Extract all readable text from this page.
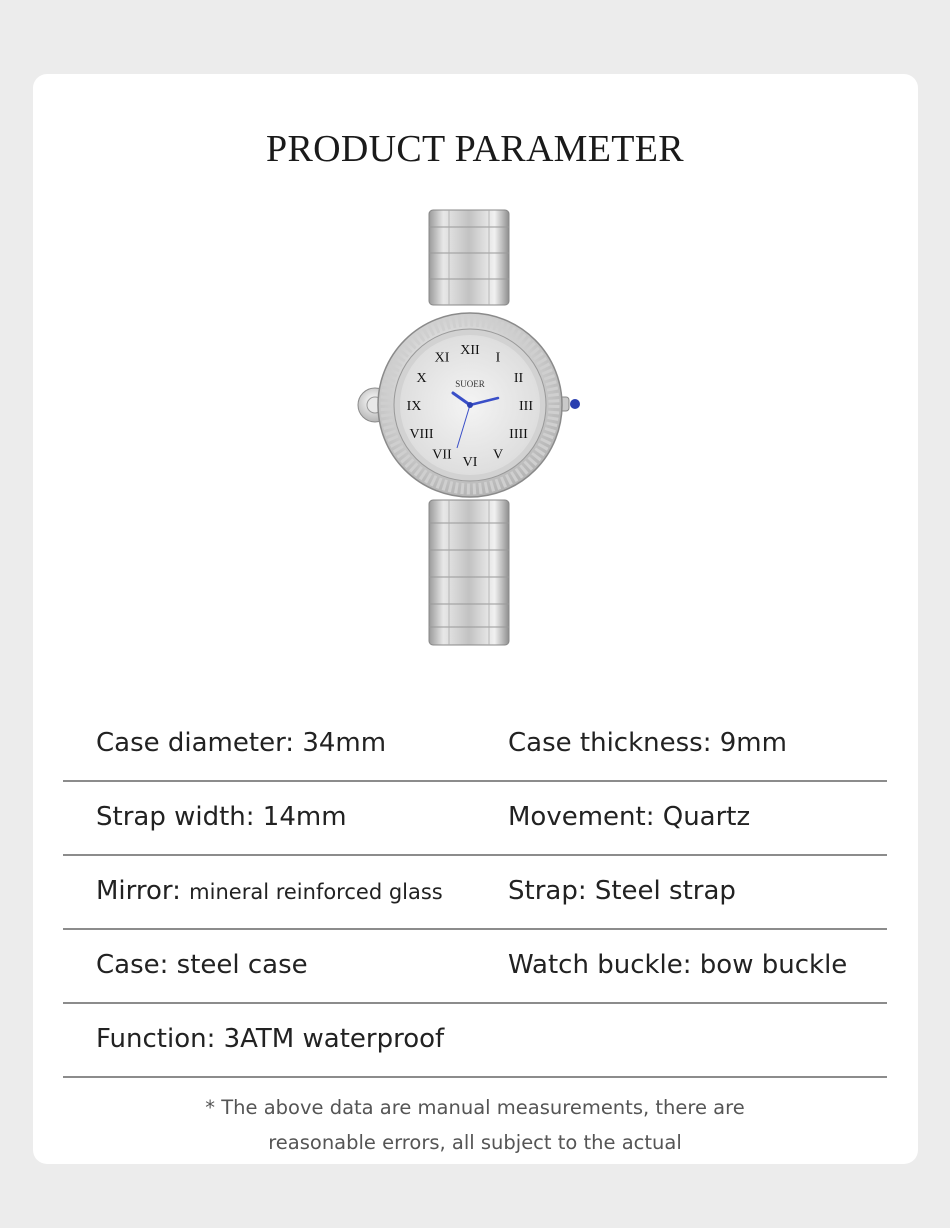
PRODUCT PARAMETER
XII I
II
III
IIII
V
VI
VII
VIII
IX
X
XI
SUOER
Case diameter: 34mm	Case thickness: 9mm
Strap width: 14mm	Movement: Quartz
Mirror: mineral reinforced glass	Strap: Steel strap
Case: steel case	Watch buckle: bow buckle
Function: 3ATM waterproof
* The above data are manual measurements, there are
reasonable errors, all subject to the actual
